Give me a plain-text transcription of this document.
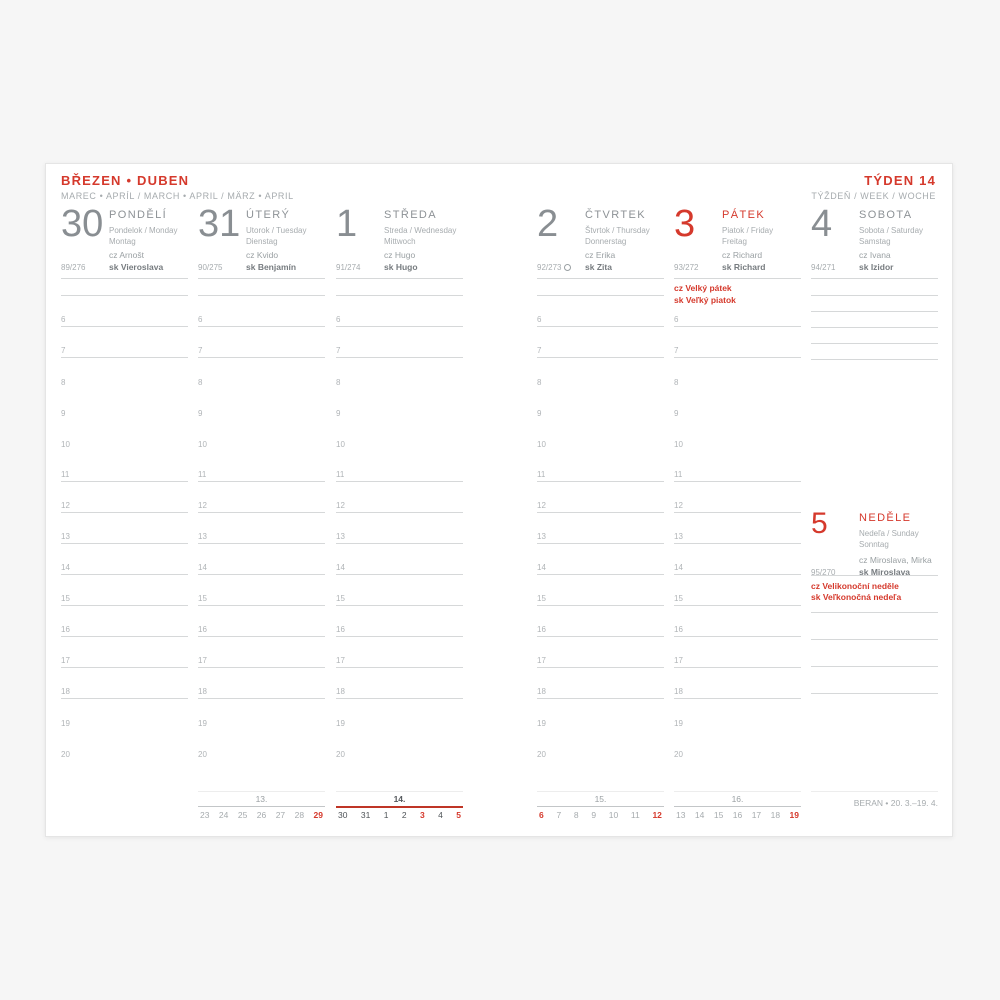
BŘEZEN • DUBEN
MAREC • APRÍL / MARCH • APRIL / MÄRZ • APRIL
TÝDEN 14
TÝŽDEŇ / WEEK / WOCHE
30 PONDĚLÍ
Pondelok / Monday
Montag
cz Arnošt
sk Vieroslava
89/276
6
7
8
9
10
11
12
13
14
15
16
17
18
19
20
31 ÚTERÝ
Utorok / Tuesday
Dienstag
cz Kvido
sk Benjamín
90/275
6
7
8
9
10
11
12
13
14
15
16
17
18
19
20
1 STŘEDA
Streda / Wednesday
Mittwoch
cz Hugo
sk Hugo
91/274
6
7
8
9
10
11
12
13
14
15
16
17
18
19
20
2 ČTVRTEK
Štvrtok / Thursday
Donnerstag
cz Erika
sk Zita
92/273
6
7
8
9
10
11
12
13
14
15
16
17
18
19
20
3 PÁTEK
Piatok / Friday
Freitag
cz Richard
sk Richard
93/272
cz Velký pátek
sk Veľký piatok
6
7
8
9
10
11
12
13
14
15
16
17
18
19
20
4 SOBOTA
Sobota / Saturday
Samstag
cz Ivana
sk Izidor
94/271
5	NEDĚLE
Nedeľa / Sunday
Sonntag
cz Miroslava, Mirka
sk Miroslava
95/270
cz Velikonoční neděle
sk Veľkonočná nedeľa
13.
23 24 25 26 27 28 29
14.
30 31 1 2 3 4 5
15.
6 7 8 9 10 11 12
16.
13 14 15 16 17 18 19
BERAN • 20. 3.–19. 4.
